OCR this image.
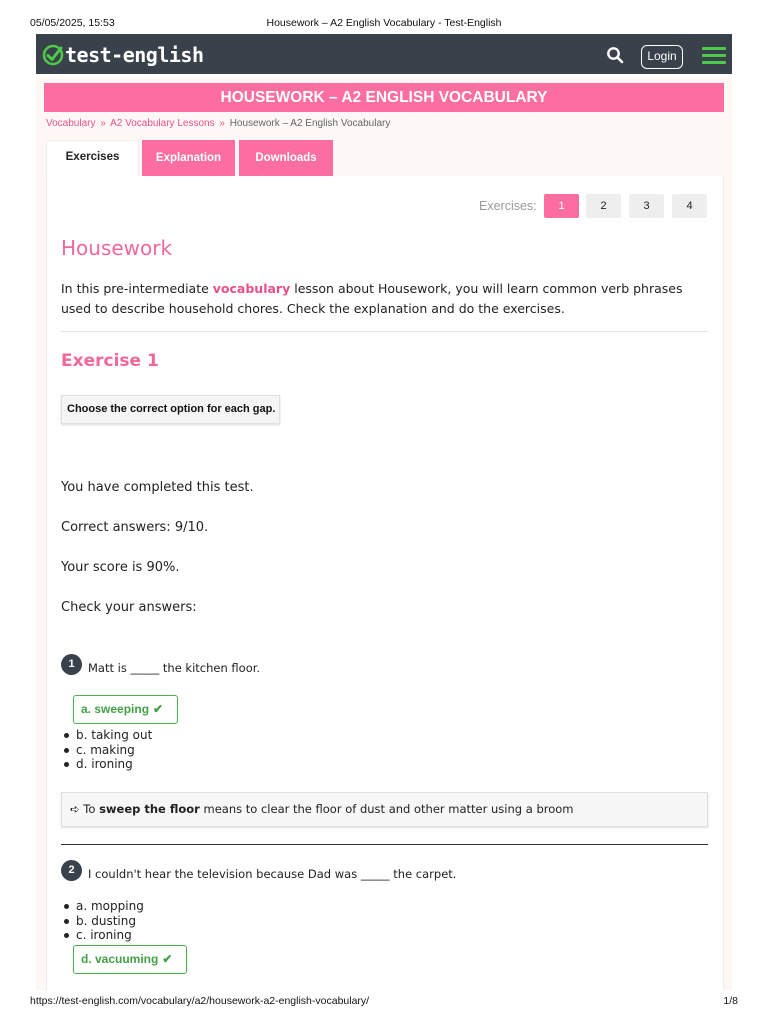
05/05/2025, 15:53	Housework – A2 English Vocabulary - Test-English
test-english	Login
HOUSEWORK – A2 ENGLISH VOCABULARY
Vocabulary » A2 Vocabulary Lessons » Housework – A2 English Vocabulary
Exercises	Explanation	Downloads
Exercises:	1	2	3	4
Housework

In this pre-intermediate vocabulary lesson about Housework, you will learn common verb phrases used to describe household chores. Check the explanation and do the exercises.

Exercise 1
Choose the correct option for each gap.

You have completed this test.

Correct answers: 9/10.

Your score is 90%.

Check your answers:

1	Matt is _____ the kitchen floor.

a. sweeping ✔
b. taking out
c. making
d. ironing
➪ To sweep the floor means to clear the floor of dust and other matter using a broom
2	I couldn't hear the television because Dad was _____ the carpet.

a. mopping
b. dusting
c. ironing
d. vacuuming ✔
https://test-english.com/vocabulary/a2/housework-a2-english-vocabulary/	1/8
